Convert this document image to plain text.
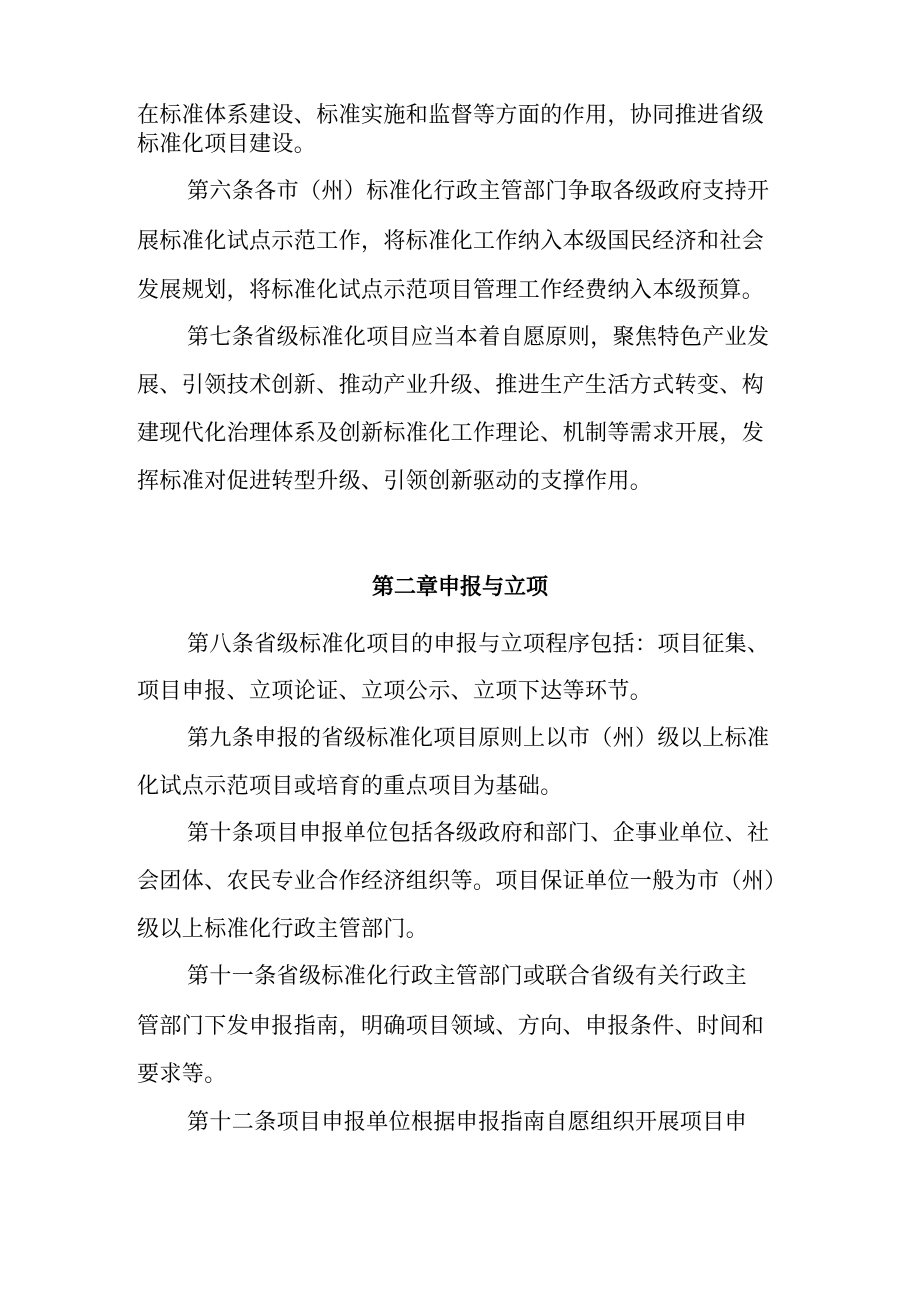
在标准体系建设、标准实施和监督等方面的作用，协同推进省级
标准化项目建设。
第六条各市（州）标准化行政主管部门争取各级政府支持开
展标准化试点示范工作，将标准化工作纳入本级国民经济和社会
发展规划，将标准化试点示范项目管理工作经费纳入本级预算。
第七条省级标准化项目应当本着自愿原则，聚焦特色产业发
展、引领技术创新、推动产业升级、推进生产生活方式转变、构
建现代化治理体系及创新标准化工作理论、机制等需求开展，发
挥标准对促进转型升级、引领创新驱动的支撑作用。
第二章申报与立项
第八条省级标准化项目的申报与立项程序包括：项目征集、
项目申报、立项论证、立项公示、立项下达等环节。
第九条申报的省级标准化项目原则上以市（州）级以上标准
化试点示范项目或培育的重点项目为基础。
第十条项目申报单位包括各级政府和部门、企事业单位、社
会团体、农民专业合作经济组织等。项目保证单位一般为市（州）
级以上标准化行政主管部门。
第十一条省级标准化行政主管部门或联合省级有关行政主
管部门下发申报指南，明确项目领域、方向、申报条件、时间和
要求等。
第十二条项目申报单位根据申报指南自愿组织开展项目申
